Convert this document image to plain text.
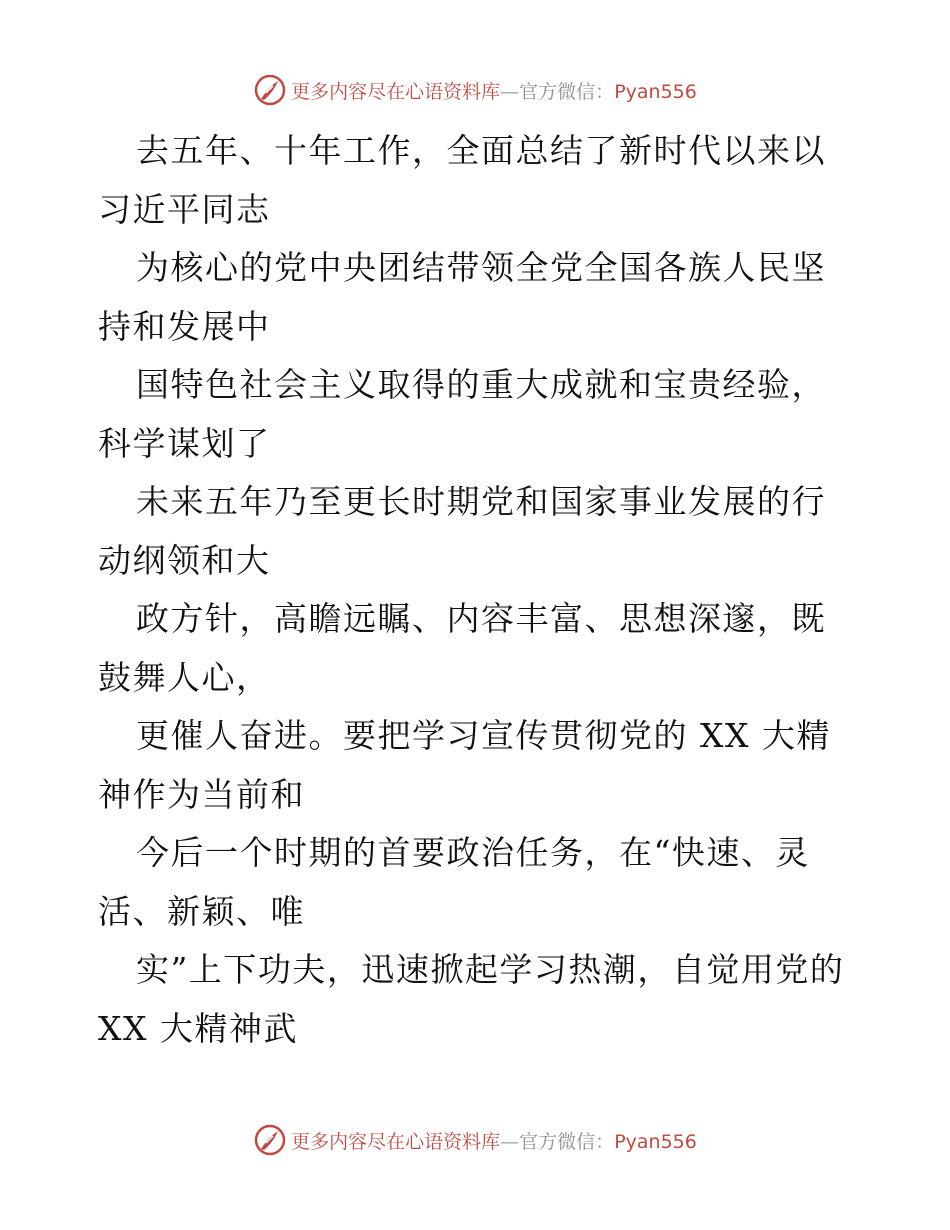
更多内容尽在心语资料库—官方微信：Pyan556

去五年、十年工作，全面总结了新时代以来以习近平同志

为核心的党中央团结带领全党全国各族人民坚持和发展中

国特色社会主义取得的重大成就和宝贵经验，科学谋划了

未来五年乃至更长时期党和国家事业发展的行动纲领和大

政方针，高瞻远瞩、内容丰富、思想深邃，既鼓舞人心，

更催人奋进。要把学习宣传贯彻党的 XX 大精神作为当前和

今后一个时期的首要政治任务，在“快速、灵活、新颖、唯

实”上下功夫，迅速掀起学习热潮，自觉用党的 XX 大精神武

更多内容尽在心语资料库—官方微信：Pyan556
